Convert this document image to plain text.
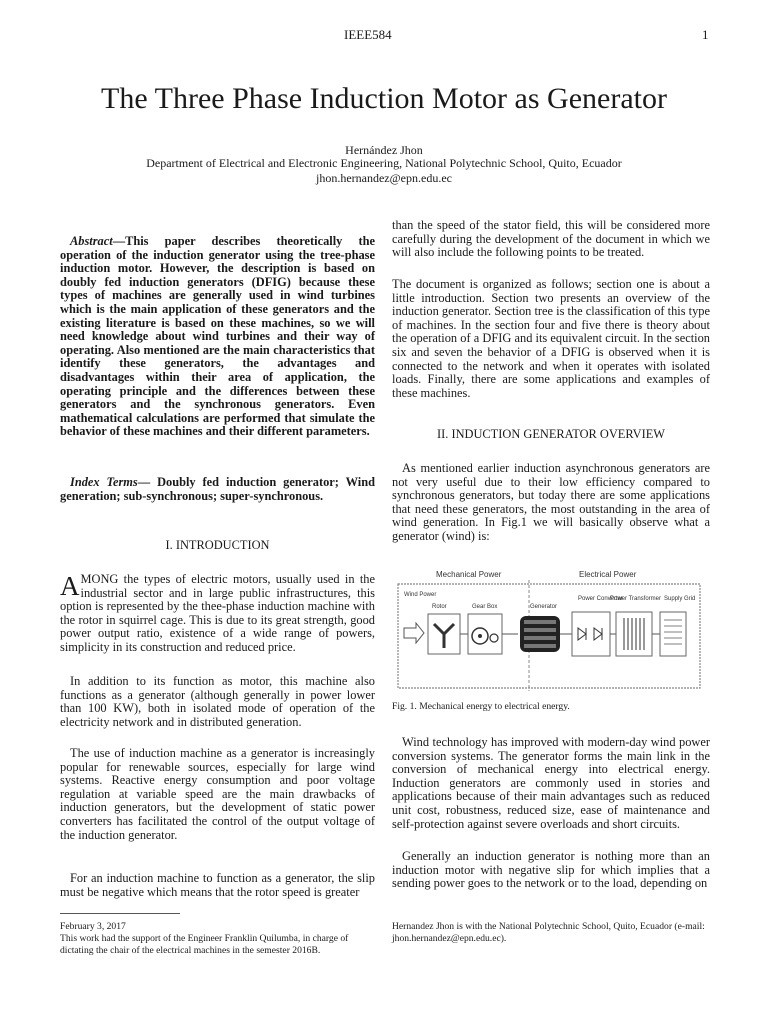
IEEE584	1
The Three Phase Induction Motor as Generator
Hernández Jhon
Department of Electrical and Electronic Engineering, National Polytechnic School, Quito, Ecuador
jhon.hernandez@epn.edu.ec
Abstract—This paper describes theoretically the operation of the induction generator using the tree-phase induction motor. However, the description is based on doubly fed induction generators (DFIG) because these types of machines are generally used in wind turbines which is the main application of these generators and the existing literature is based on these machines, so we will need knowledge about wind turbines and their way of operating. Also mentioned are the main characteristics that identify these generators, the advantages and disadvantages within their area of application, the operating principle and the differences between these generators and the synchronous generators. Even mathematical calculations are performed that simulate the behavior of these machines and their different parameters.
Index Terms— Doubly fed induction generator; Wind generation; sub-synchronous; super-synchronous.
I. INTRODUCTION
AMONG the types of electric motors, usually used in the industrial sector and in large public infrastructures, this option is represented by the thee-phase induction machine with the rotor in squirrel cage. This is due to its great strength, good power output ratio, existence of a wide range of powers, simplicity in its construction and reduced price.
In addition to its function as motor, this machine also functions as a generator (although generally in power lower than 100 KW), both in isolated mode of operation of the electricity network and in distributed generation.
The use of induction machine as a generator is increasingly popular for renewable sources, especially for large wind systems. Reactive energy consumption and poor voltage regulation at variable speed are the main drawbacks of induction generators, but the development of static power converters has facilitated the control of the output voltage of the induction generator.
For an induction machine to function as a generator, the slip must be negative which means that the rotor speed is greater
February 3, 2017
This work had the support of the Engineer Franklin Quilumba, in charge of dictating the chair of the electrical machines in the semester 2016B.
than the speed of the stator field, this will be considered more carefully during the development of the document in which we will also include the following points to be treated.
The document is organized as follows; section one is about a little introduction. Section two presents an overview of the induction generator. Section tree is the classification of this type of machines. In the section four and five there is theory about the operation of a DFIG and its equivalent circuit. In the section six and seven the behavior of a DFIG is observed when it is connected to the network and when it operates with isolated loads. Finally, there are some applications and examples of these machines.
II. INDUCTION GENERATOR OVERVIEW
As mentioned earlier induction asynchronous generators are not very useful due to their low efficiency compared to synchronous generators, but today there are some applications that need these generators, the most outstanding in the area of wind generation. In Fig.1 we will basically observe what a generator (wind) is:
Mechanical Power	Electrical Power
Wind Power
Rotor	Gear Box	Generator
Power Converter
Power Transformer Supply Grid
Fig. 1. Mechanical energy to electrical energy.
Wind technology has improved with modern-day wind power conversion systems. The generator forms the main link in the conversion of mechanical energy into electrical energy. Induction generators are commonly used in stories and applications because of their main advantages such as reduced unit cost, robustness, reduced size, ease of maintenance and self-protection against severe overloads and short circuits.
Generally an induction generator is nothing more than an induction motor with negative slip for which implies that a sending power goes to the network or to the load, depending on
Hernandez Jhon is with the National Polytechnic School, Quito, Ecuador (e-mail: jhon.hernandez@epn.edu.ec).
